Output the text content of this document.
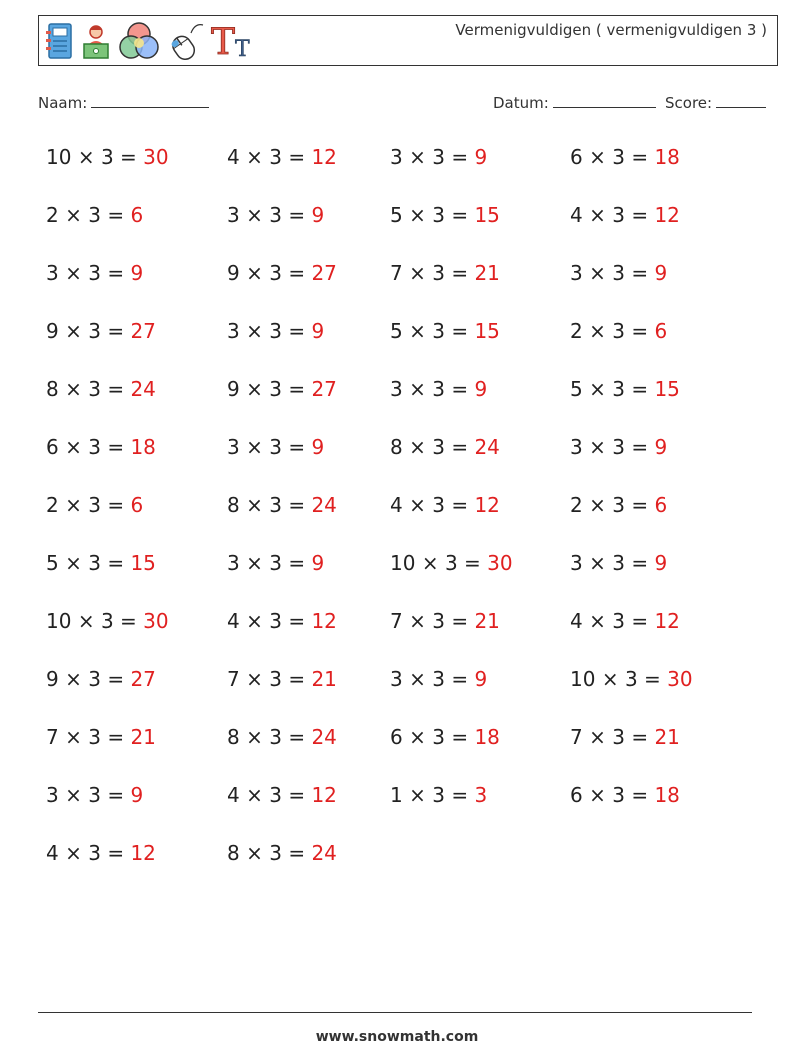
T T
Vermenigvuldigen ( vermenigvuldigen 3 )
Naam:	Datum:	Score:
10 × 3 = 30	4 × 3 = 12	3 × 3 = 9	6 × 3 = 18
2 × 3 = 6	3 × 3 = 9	5 × 3 = 15	4 × 3 = 12
3 × 3 = 9	9 × 3 = 27	7 × 3 = 21	3 × 3 = 9
9 × 3 = 27	3 × 3 = 9	5 × 3 = 15	2 × 3 = 6
8 × 3 = 24	9 × 3 = 27	3 × 3 = 9	5 × 3 = 15
6 × 3 = 18	3 × 3 = 9	8 × 3 = 24	3 × 3 = 9
2 × 3 = 6	8 × 3 = 24	4 × 3 = 12	2 × 3 = 6
5 × 3 = 15	3 × 3 = 9	10 × 3 = 30	3 × 3 = 9
10 × 3 = 30	4 × 3 = 12	7 × 3 = 21	4 × 3 = 12
9 × 3 = 27	7 × 3 = 21	3 × 3 = 9	10 × 3 = 30
7 × 3 = 21	8 × 3 = 24	6 × 3 = 18	7 × 3 = 21
3 × 3 = 9	4 × 3 = 12	1 × 3 = 3	6 × 3 = 18
4 × 3 = 12	8 × 3 = 24
www.snowmath.com
